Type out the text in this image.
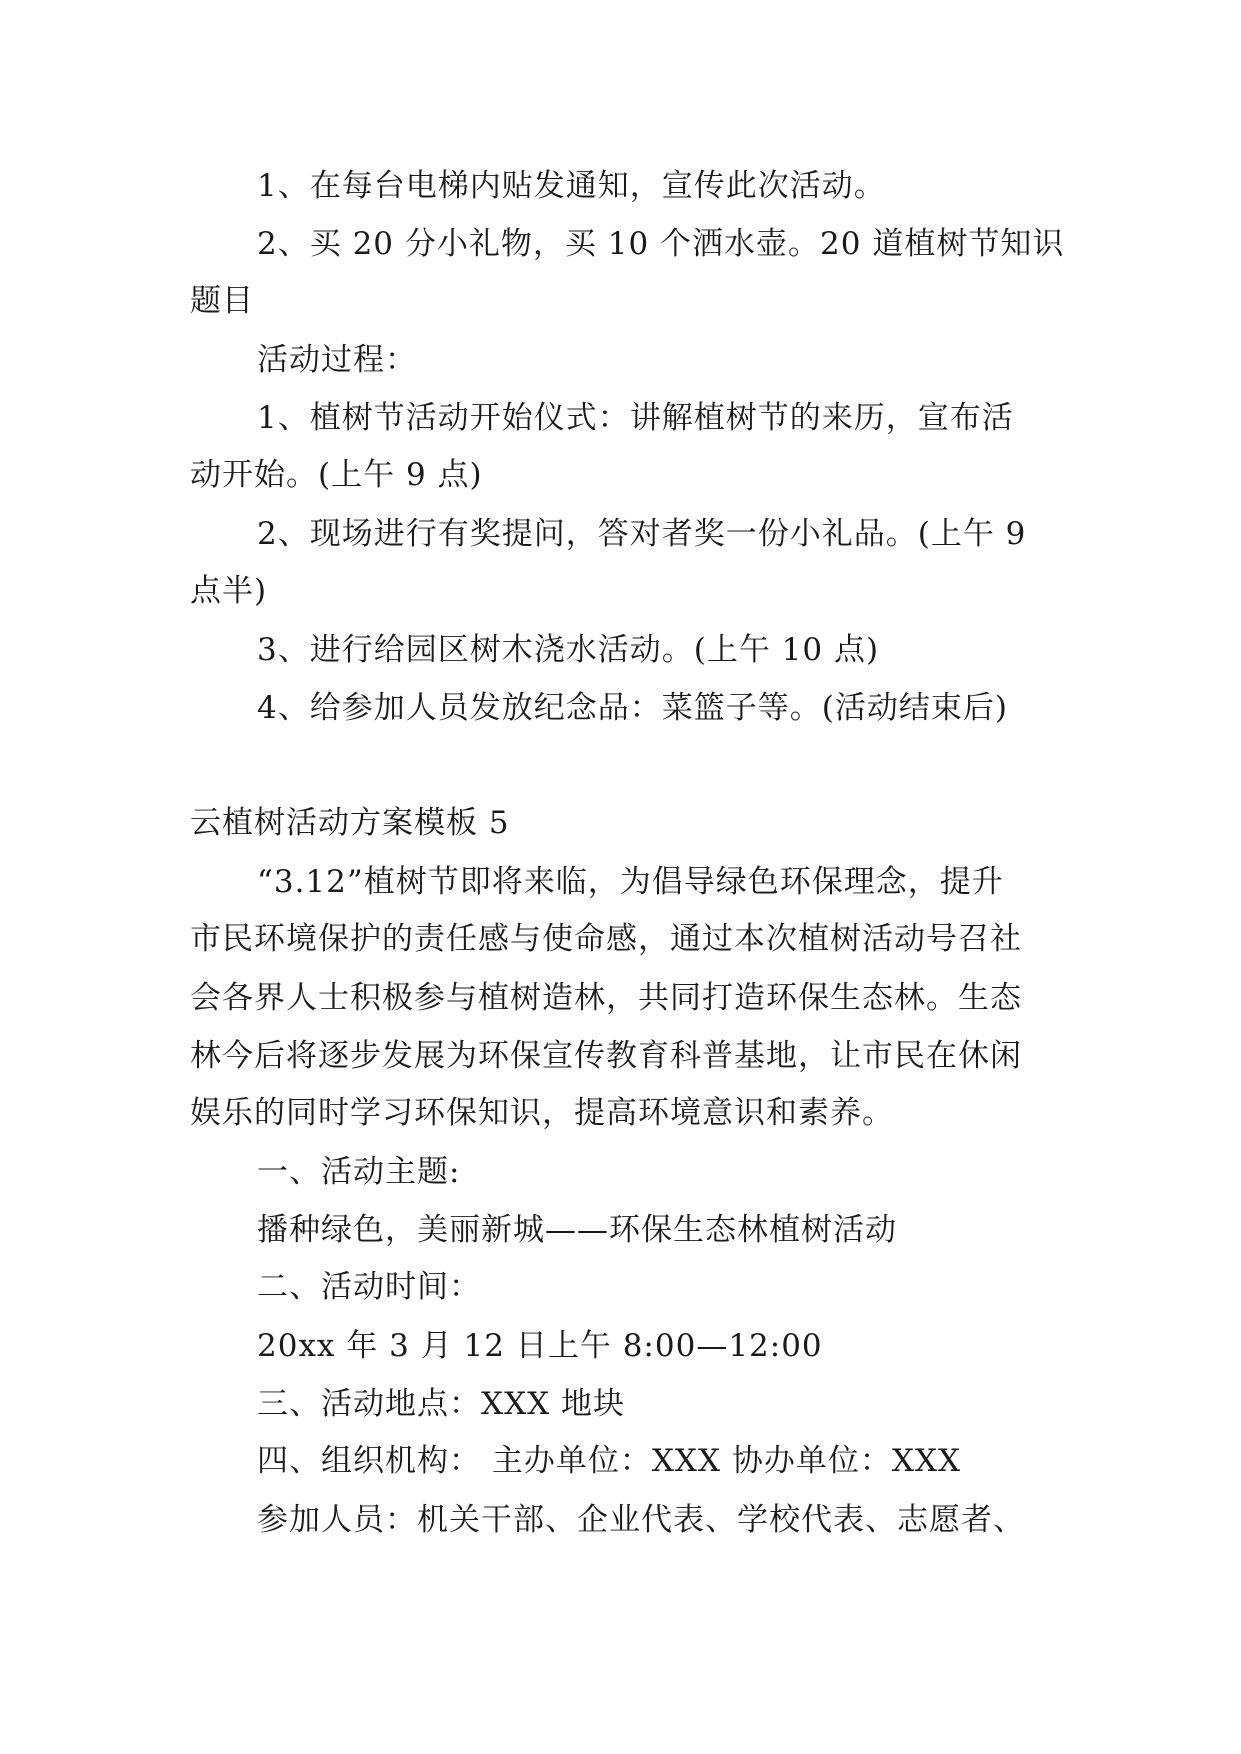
1、在每台电梯内贴发通知，宣传此次活动。
2、买 20 分小礼物，买 10 个洒水壶。20 道植树节知识
题目
活动过程：
1、植树节活动开始仪式：讲解植树节的来历，宣布活
动开始。(上午 9 点)
2、现场进行有奖提问，答对者奖一份小礼品。(上午 9
点半)
3、进行给园区树木浇水活动。(上午 10 点)
4、给参加人员发放纪念品：菜篮子等。(活动结束后)
云植树活动方案模板 5
“3.12”植树节即将来临，为倡导绿色环保理念，提升
市民环境保护的责任感与使命感，通过本次植树活动号召社
会各界人士积极参与植树造林，共同打造环保生态林。生态
林今后将逐步发展为环保宣传教育科普基地，让市民在休闲
娱乐的同时学习环保知识，提高环境意识和素养。
一、活动主题:
播种绿色，美丽新城——环保生态林植树活动
二、活动时间：
20xx 年 3 月 12 日上午 8:00—12:00
三、活动地点：XXX 地块
四、组织机构： 主办单位：XXX 协办单位：XXX
参加人员：机关干部、企业代表、学校代表、志愿者、
